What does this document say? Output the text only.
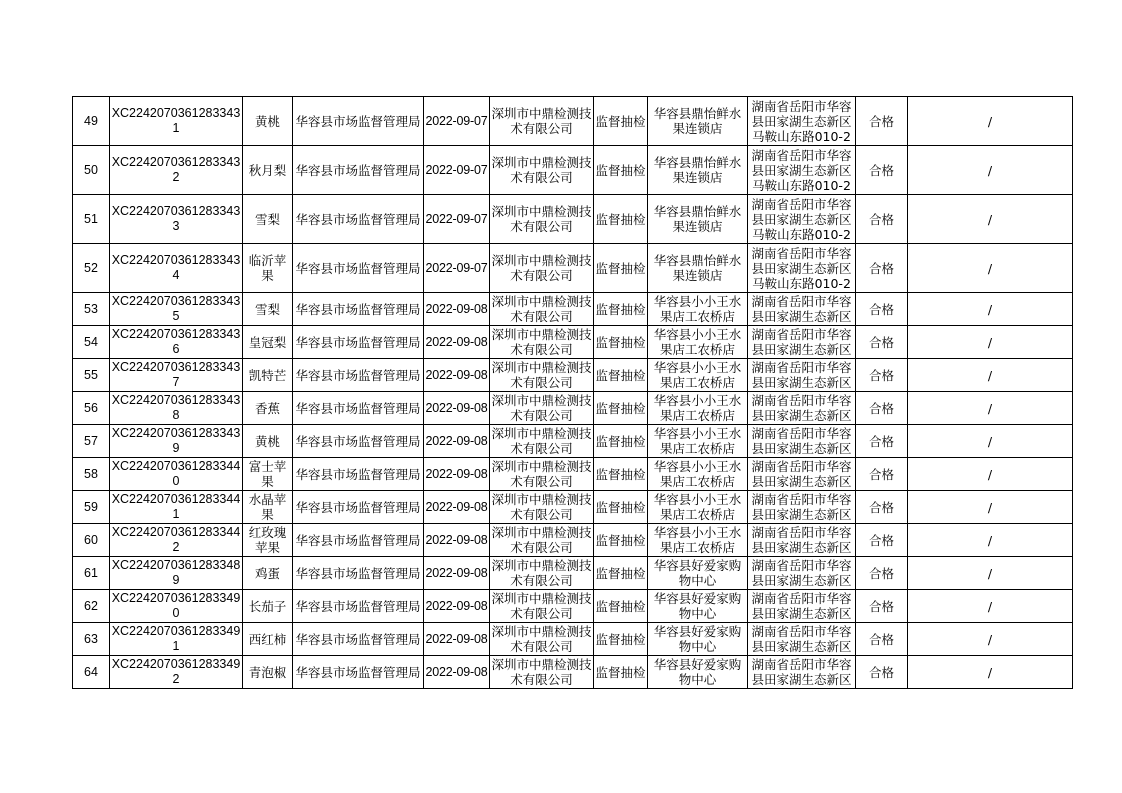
49	XC2242070361283343 1	黄桃	华容县市场监督管理局	2022-09-07	深圳市中鼎检测技术有限公司	监督抽检	华容县鼎怡鲜水果连锁店	湖南省岳阳市华容县田家湖生态新区马鞍山东路010-2	合格	/
50	XC2242070361283343 2	秋月梨	华容县市场监督管理局	2022-09-07	深圳市中鼎检测技术有限公司	监督抽检	华容县鼎怡鲜水果连锁店	湖南省岳阳市华容县田家湖生态新区马鞍山东路010-2	合格	/
51	XC2242070361283343 3	雪梨	华容县市场监督管理局	2022-09-07	深圳市中鼎检测技术有限公司	监督抽检	华容县鼎怡鲜水果连锁店	湖南省岳阳市华容县田家湖生态新区马鞍山东路010-2	合格	/
52	XC2242070361283343 4	临沂苹果	华容县市场监督管理局	2022-09-07	深圳市中鼎检测技术有限公司	监督抽检	华容县鼎怡鲜水果连锁店	湖南省岳阳市华容县田家湖生态新区马鞍山东路010-2	合格	/
53	XC2242070361283343 5	雪梨	华容县市场监督管理局	2022-09-08	深圳市中鼎检测技术有限公司	监督抽检	华容县小小王水果店工农桥店	湖南省岳阳市华容县田家湖生态新区	合格	/
54	XC2242070361283343 6	皇冠梨	华容县市场监督管理局	2022-09-08	深圳市中鼎检测技术有限公司	监督抽检	华容县小小王水果店工农桥店	湖南省岳阳市华容县田家湖生态新区	合格	/
55	XC2242070361283343 7	凯特芒	华容县市场监督管理局	2022-09-08	深圳市中鼎检测技术有限公司	监督抽检	华容县小小王水果店工农桥店	湖南省岳阳市华容县田家湖生态新区	合格	/
56	XC2242070361283343 8	香蕉	华容县市场监督管理局	2022-09-08	深圳市中鼎检测技术有限公司	监督抽检	华容县小小王水果店工农桥店	湖南省岳阳市华容县田家湖生态新区	合格	/
57	XC2242070361283343 9	黄桃	华容县市场监督管理局	2022-09-08	深圳市中鼎检测技术有限公司	监督抽检	华容县小小王水果店工农桥店	湖南省岳阳市华容县田家湖生态新区	合格	/
58	XC2242070361283344 0	富士苹果	华容县市场监督管理局	2022-09-08	深圳市中鼎检测技术有限公司	监督抽检	华容县小小王水果店工农桥店	湖南省岳阳市华容县田家湖生态新区	合格	/
59	XC2242070361283344 1	水晶苹果	华容县市场监督管理局	2022-09-08	深圳市中鼎检测技术有限公司	监督抽检	华容县小小王水果店工农桥店	湖南省岳阳市华容县田家湖生态新区	合格	/
60	XC2242070361283344 2	红玫瑰苹果	华容县市场监督管理局	2022-09-08	深圳市中鼎检测技术有限公司	监督抽检	华容县小小王水果店工农桥店	湖南省岳阳市华容县田家湖生态新区	合格	/
61	XC2242070361283348 9	鸡蛋	华容县市场监督管理局	2022-09-08	深圳市中鼎检测技术有限公司	监督抽检	华容县好爱家购物中心	湖南省岳阳市华容县田家湖生态新区	合格	/
62	XC2242070361283349 0	长茄子	华容县市场监督管理局	2022-09-08	深圳市中鼎检测技术有限公司	监督抽检	华容县好爱家购物中心	湖南省岳阳市华容县田家湖生态新区	合格	/
63	XC2242070361283349 1	西红柿	华容县市场监督管理局	2022-09-08	深圳市中鼎检测技术有限公司	监督抽检	华容县好爱家购物中心	湖南省岳阳市华容县田家湖生态新区	合格	/
64	XC2242070361283349 2	青泡椒	华容县市场监督管理局	2022-09-08	深圳市中鼎检测技术有限公司	监督抽检	华容县好爱家购物中心	湖南省岳阳市华容县田家湖生态新区	合格	/
